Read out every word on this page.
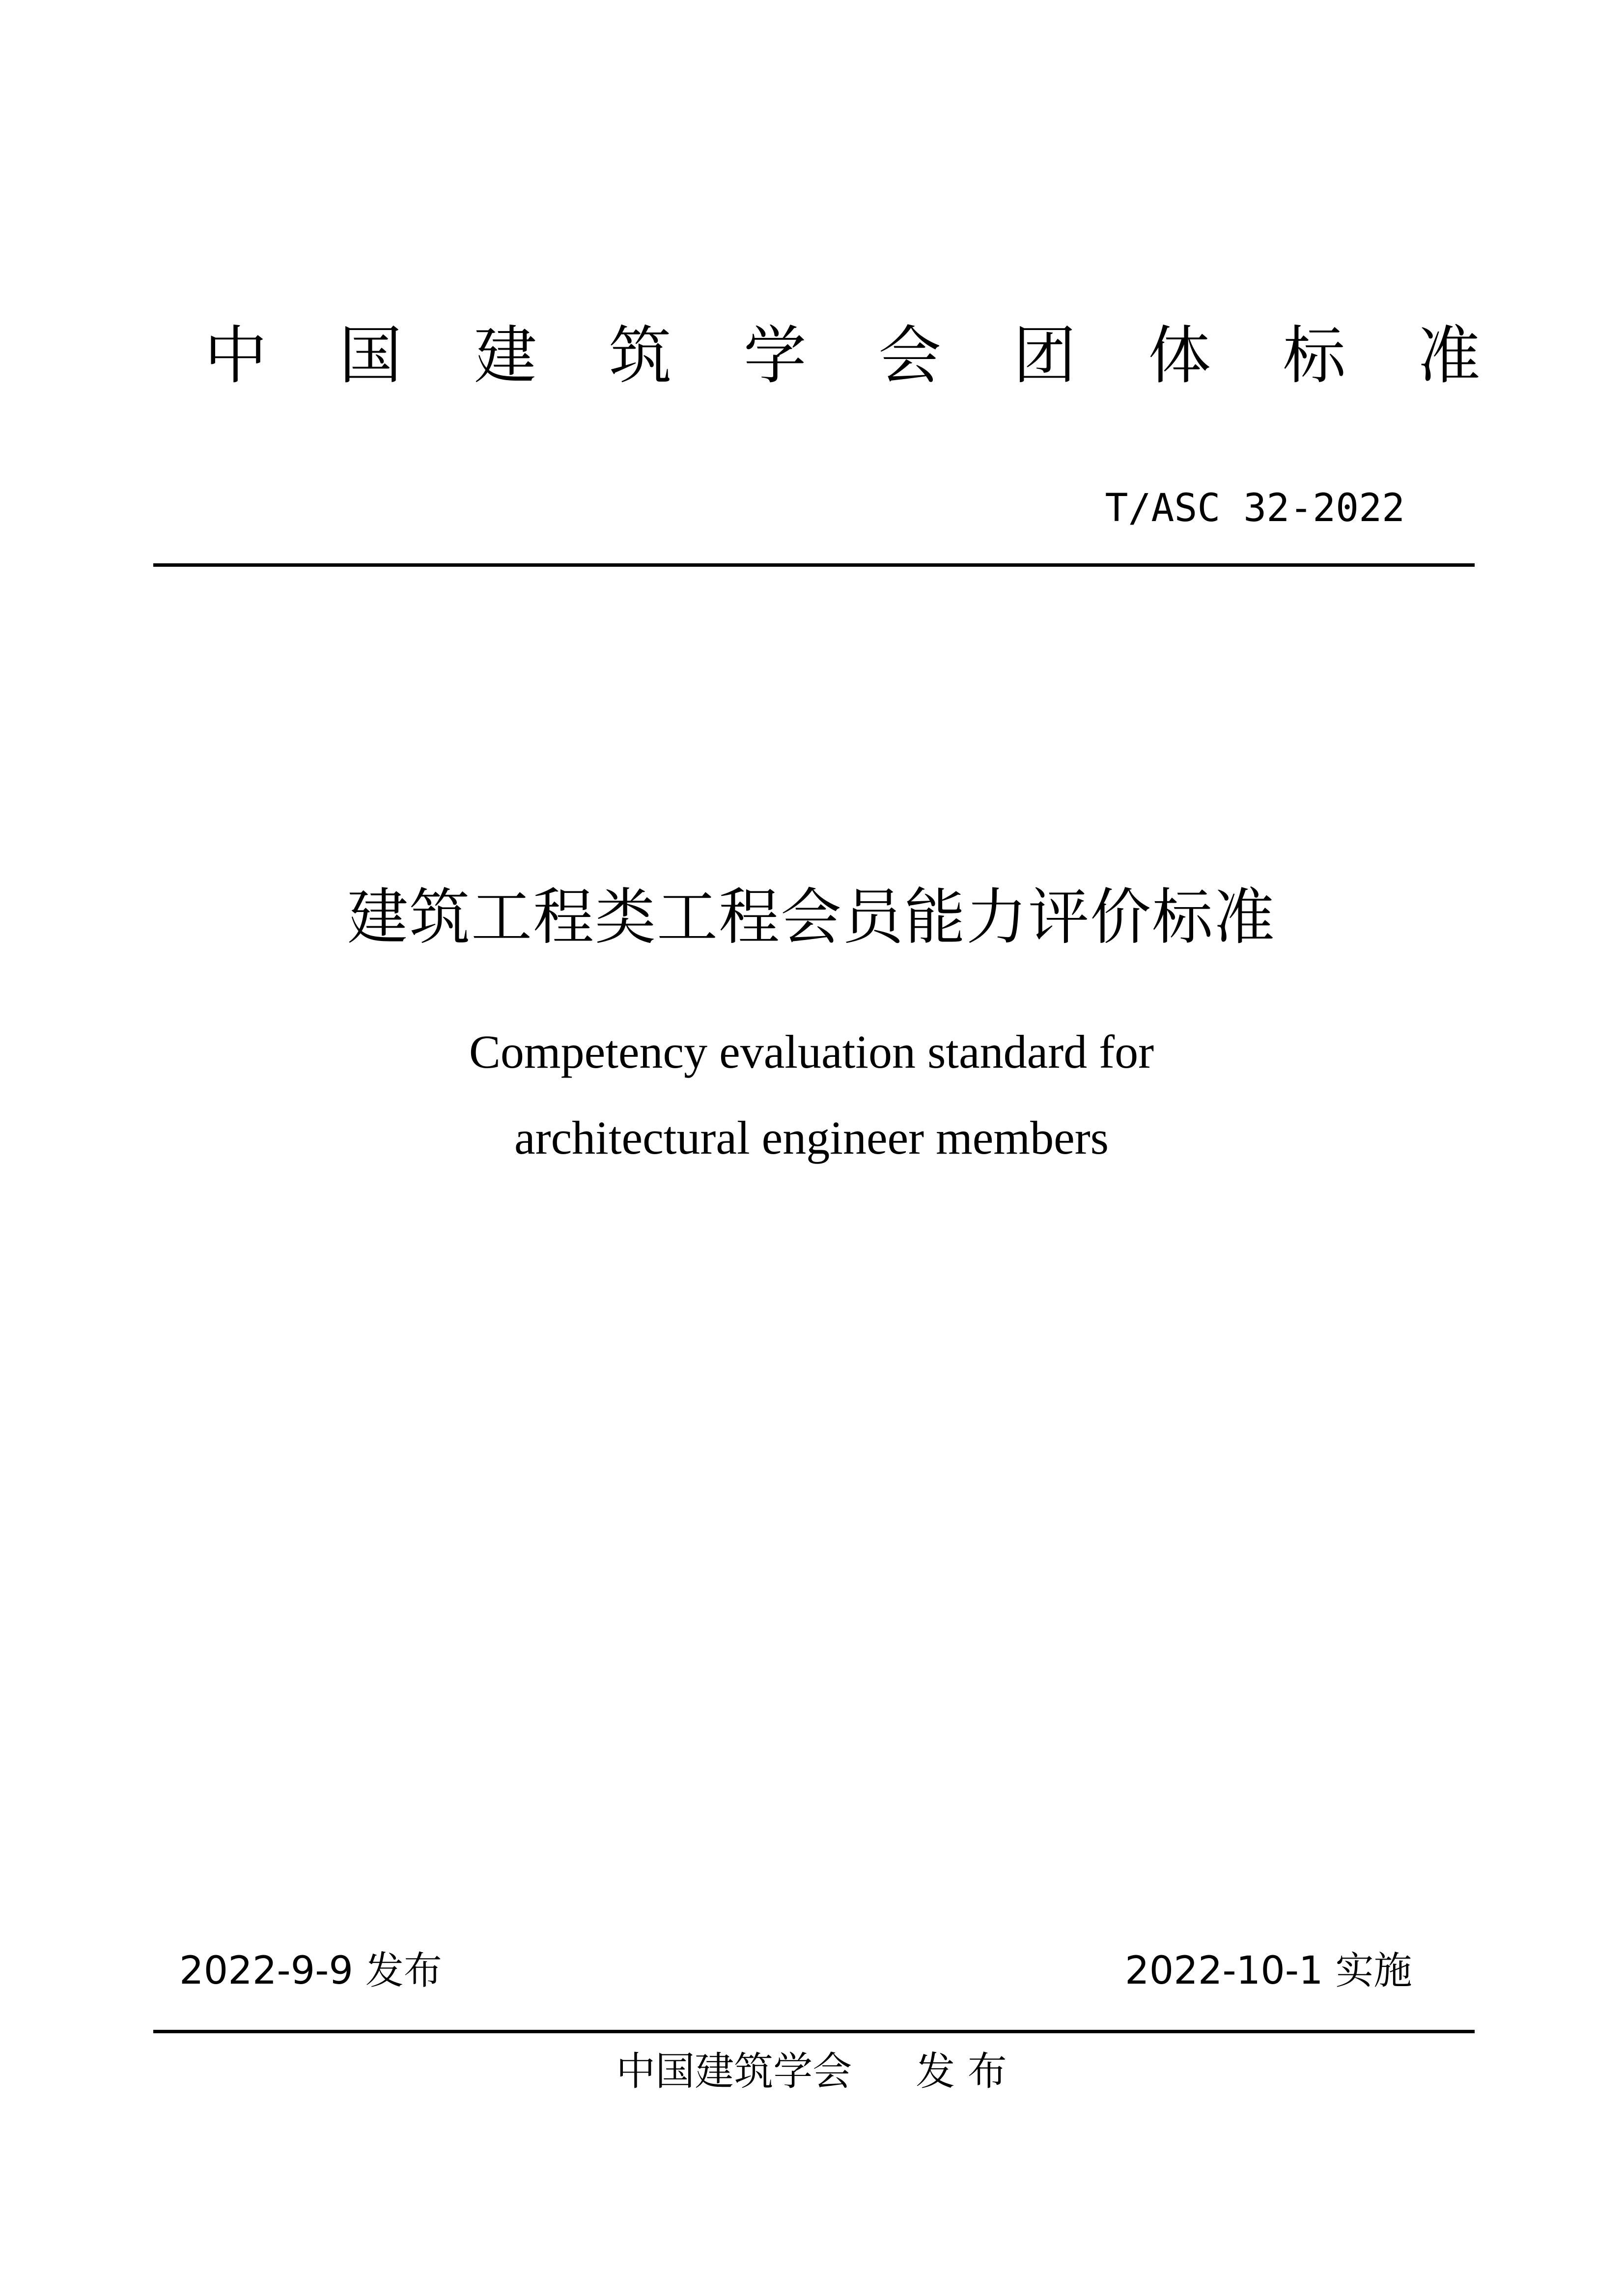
中 国 建 筑 学 会 团 体 标 准
T/ASC 32-2022
建筑工程类工程会员能力评价标准
Competency evaluation standard for
architectural engineer members
2022-9-9 发布	2022-10-1 实施
中国建筑学会 发 布
